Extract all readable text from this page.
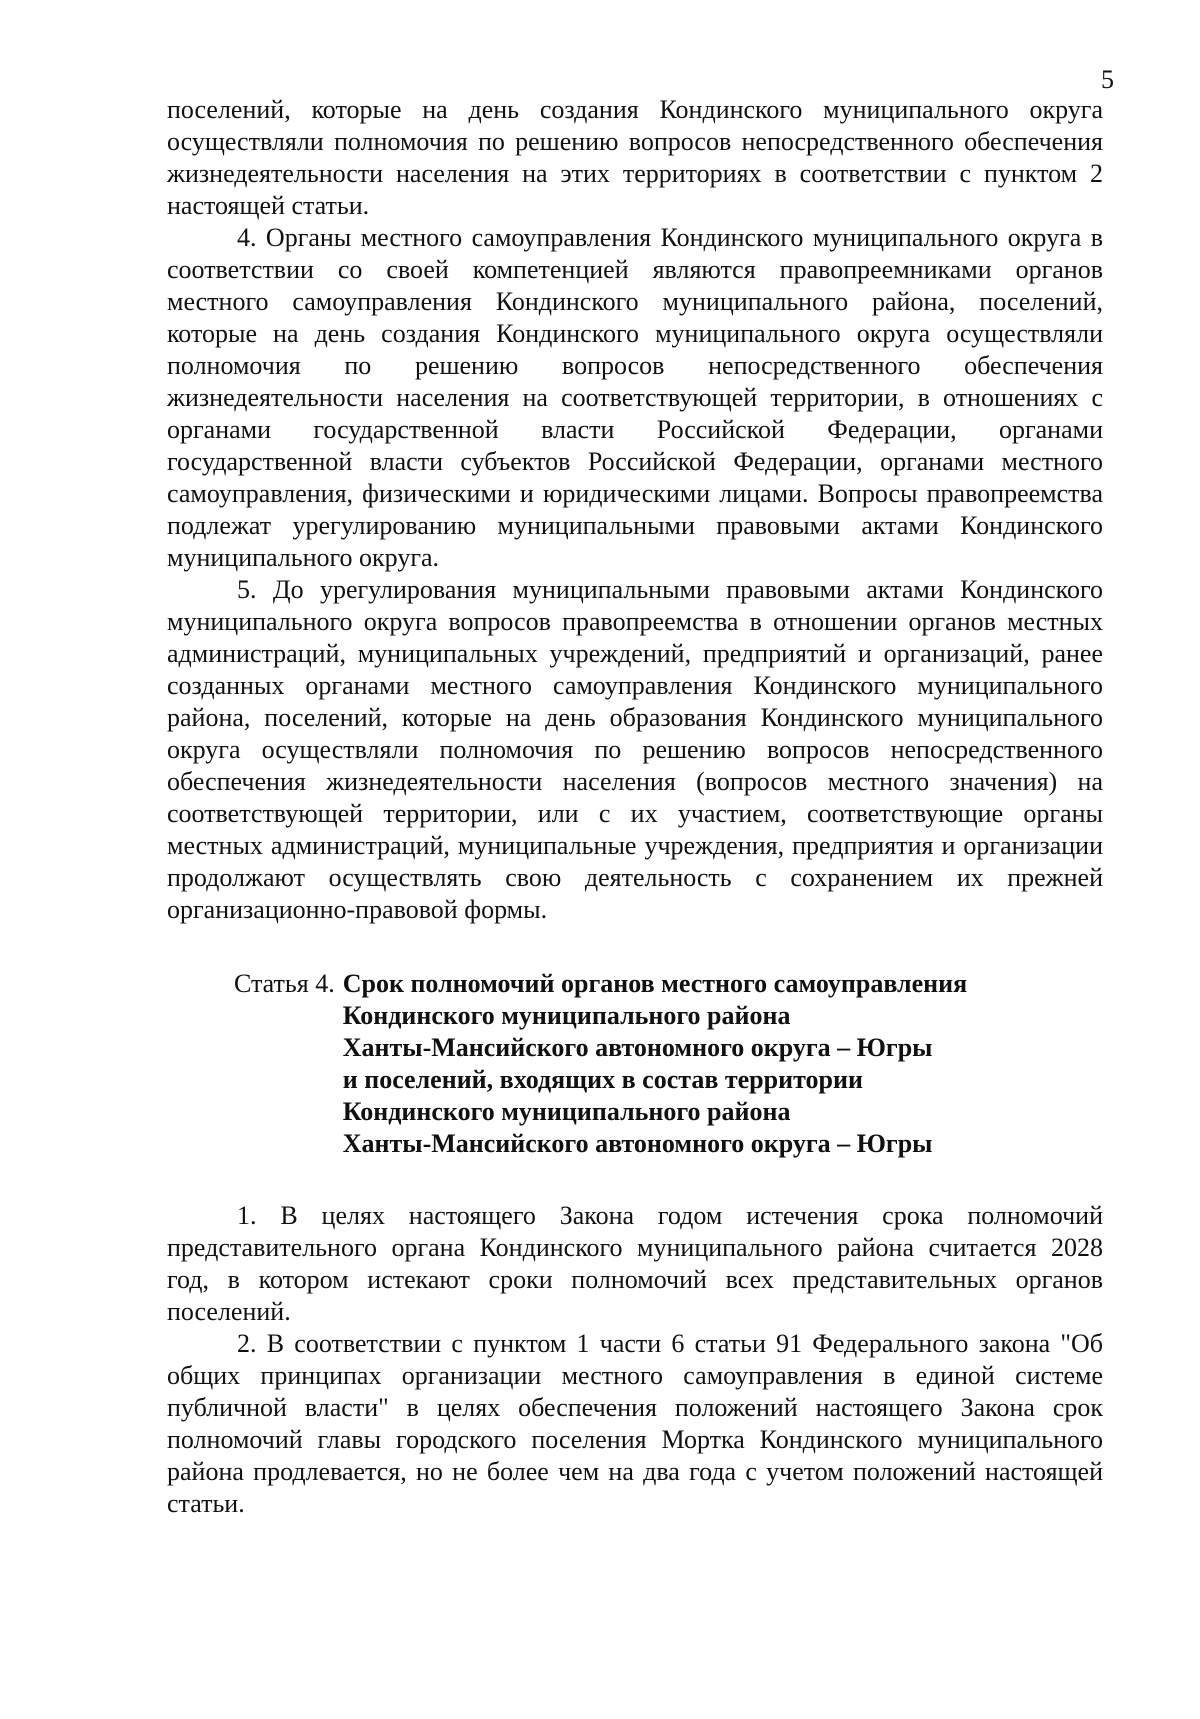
5

поселений, которые на день создания Кондинского муниципального округа осуществляли полномочия по решению вопросов непосредственного обеспечения жизнедеятельности населения на этих территориях в соответствии с пунктом 2 настоящей статьи.

4. Органы местного самоуправления Кондинского муниципального округа в соответствии со своей компетенцией являются правопреемниками органов местного самоуправления Кондинского муниципального района, поселений, которые на день создания Кондинского муниципального округа осуществляли полномочия по решению вопросов непосредственного обеспечения жизнедеятельности населения на соответствующей территории, в отношениях с органами государственной власти Российской Федерации, органами государственной власти субъектов Российской Федерации, органами местного самоуправления, физическими и юридическими лицами. Вопросы правопреемства подлежат урегулированию муниципальными правовыми актами Кондинского муниципального округа.

5. До урегулирования муниципальными правовыми актами Кондинского муниципального округа вопросов правопреемства в отношении органов местных администраций, муниципальных учреждений, предприятий и организаций, ранее созданных органами местного самоуправления Кондинского муниципального района, поселений, которые на день образования Кондинского муниципального округа осуществляли полномочия по решению вопросов непосредственного обеспечения жизнедеятельности населения (вопросов местного значения) на соответствующей территории, или с их участием, соответствующие органы местных администраций, муниципальные учреждения, предприятия и организации продолжают осуществлять свою деятельность с сохранением их прежней организационно-правовой формы.

Статья 4. Срок полномочий органов местного самоуправления
Кондинского муниципального района
Ханты-Мансийского автономного округа – Югры
и поселений, входящих в состав территории
Кондинского муниципального района
Ханты-Мансийского автономного округа – Югры

1. В целях настоящего Закона годом истечения срока полномочий представительного органа Кондинского муниципального района считается 2028 год, в котором истекают сроки полномочий всех представительных органов поселений.

2. В соответствии с пунктом 1 части 6 статьи 91 Федерального закона "Об общих принципах организации местного самоуправления в единой системе публичной власти" в целях обеспечения положений настоящего Закона срок полномочий главы городского поселения Мортка Кондинского муниципального района продлевается, но не более чем на два года с учетом положений настоящей статьи.
